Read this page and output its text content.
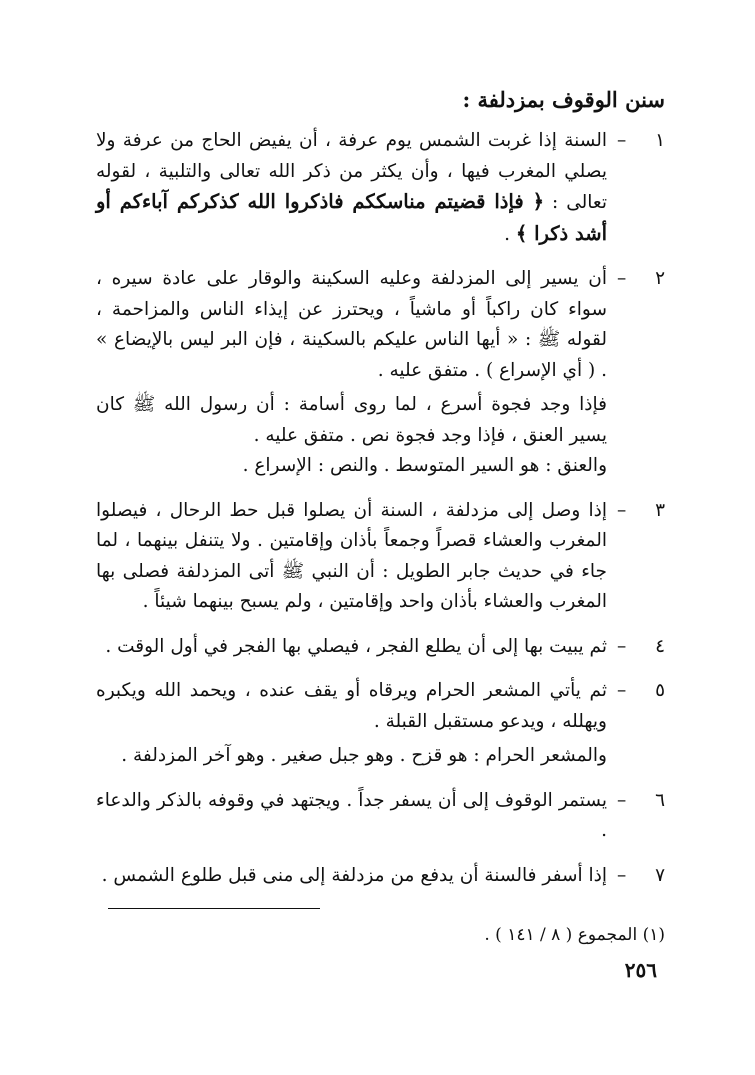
سنن الوقوف بمزدلفة :
١
–

السنة إذا غربت الشمس يوم عرفة ، أن يفيض الحاج من عرفة ولا يصلي المغرب فيها ، وأن يكثر من ذكر الله تعالى والتلبية ، لقوله تعالى : ﴿ فإذا قضيتم مناسككم فاذكروا الله كذكركم آباءكم أو أشد ذكرا ﴾ .

٢
–

أن يسير إلى المزدلفة وعليه السكينة والوقار على عادة سيره ، سواء كان راكباً أو ماشياً ، ويحترز عن إيذاء الناس والمزاحمة ، لقوله ﷺ : « أيها الناس عليكم بالسكينة ، فإن البر ليس بالإيضاع » . ( أي الإسراع ) . متفق عليه .

فإذا وجد فجوة أسرع ، لما روى أسامة : أن رسول الله ﷺ كان يسير العنق ، فإذا وجد فجوة نص . متفق عليه .

والعنق : هو السير المتوسط . والنص : الإسراع .

٣
–

إذا وصل إلى مزدلفة ، السنة أن يصلوا قبل حط الرحال ، فيصلوا المغرب والعشاء قصراً وجمعاً بأذان وإقامتين . ولا يتنفل بينهما ، لما جاء في حديث جابر الطويل : أن النبي ﷺ أتى المزدلفة فصلى بها المغرب والعشاء بأذان واحد وإقامتين ، ولم يسبح بينهما شيئاً .

٤
–

ثم يبيت بها إلى أن يطلع الفجر ، فيصلي بها الفجر في أول الوقت .

٥
–

ثم يأتي المشعر الحرام ويرقاه أو يقف عنده ، ويحمد الله ويكبره ويهلله ، ويدعو مستقبل القبلة .

والمشعر الحرام : هو قزح . وهو جبل صغير . وهو آخر المزدلفة .

٦
–

يستمر الوقوف إلى أن يسفر جداً . ويجتهد في وقوفه بالذكر والدعاء .

٧
–

إذا أسفر فالسنة أن يدفع من مزدلفة إلى منى قبل طلوع الشمس .

(١) المجموع ( ٨ / ١٤١ ) .
٢٥٦
